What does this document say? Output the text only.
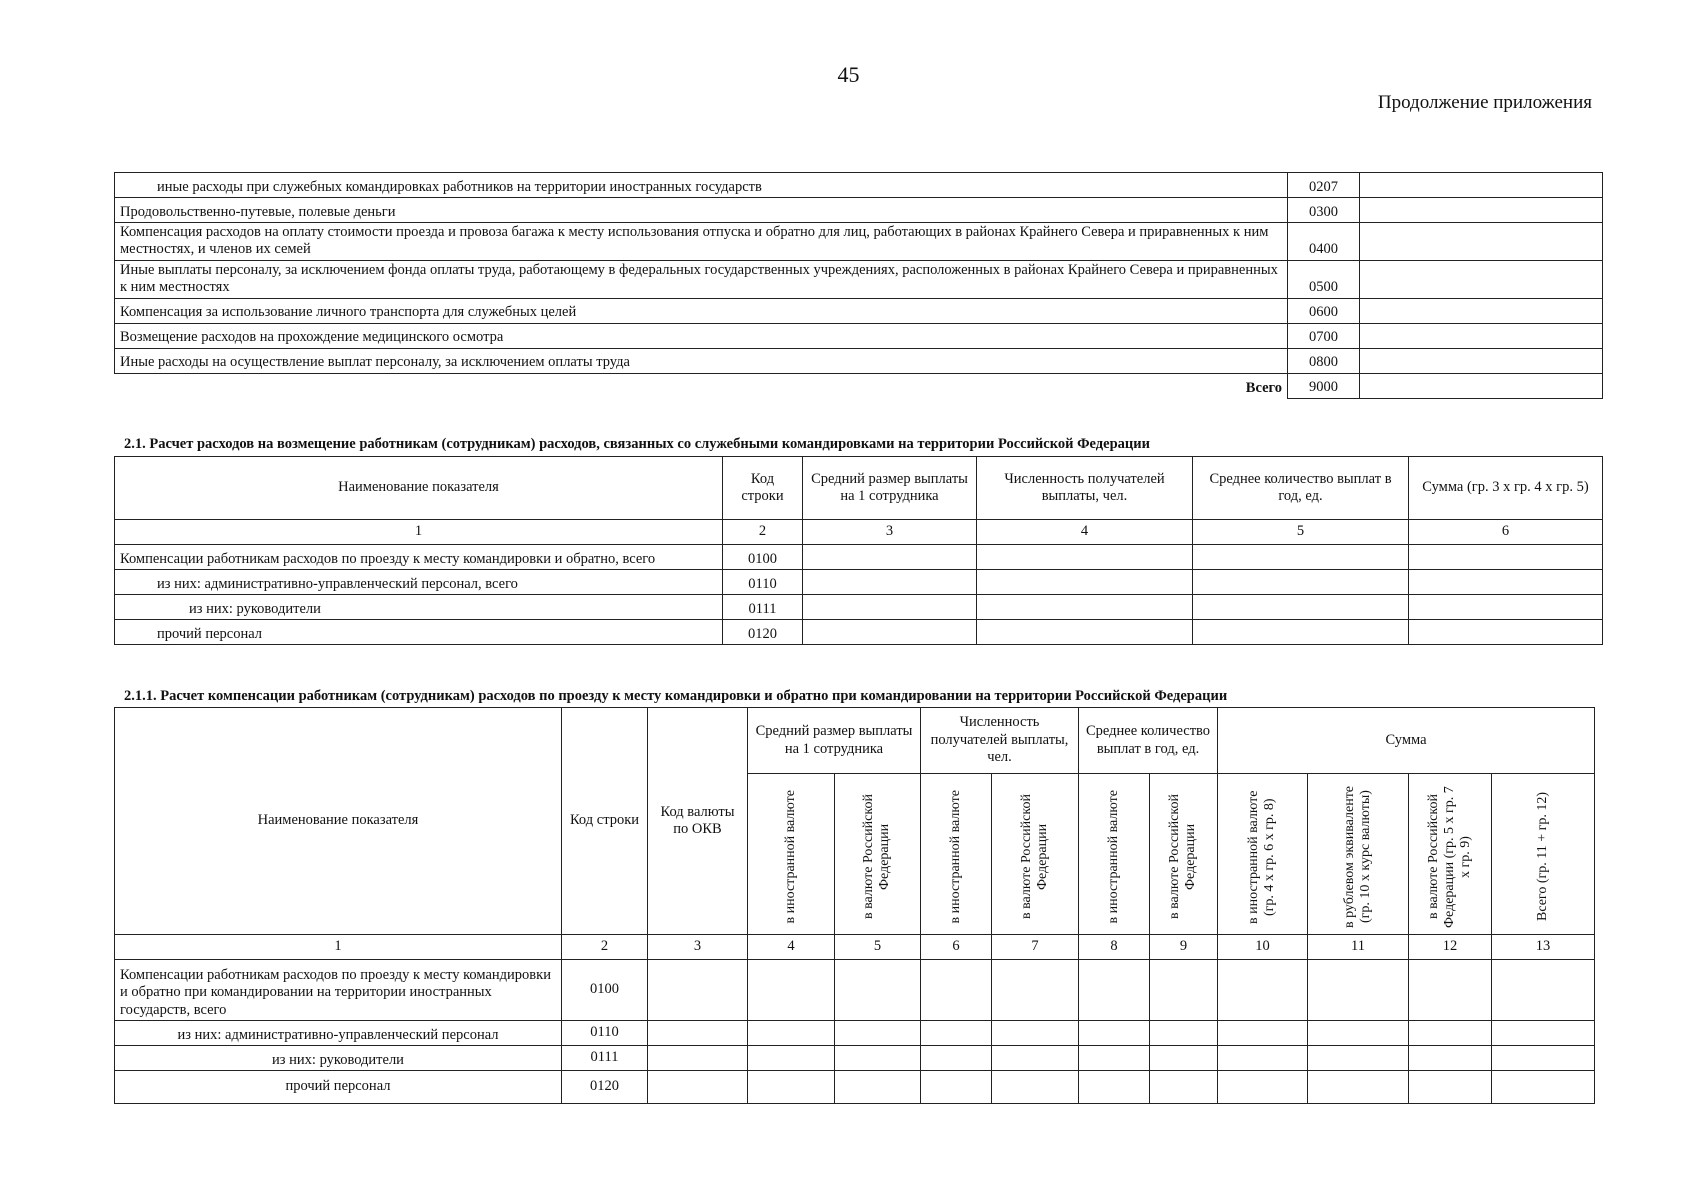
45
Продолжение приложения
иные расходы при служебных командировках работников на территории иностранных государств	0207	
Продовольственно-путевые, полевые деньги	0300	
Компенсация расходов на оплату стоимости проезда и провоза багажа к месту использования отпуска и обратно для лиц, работающих в районах Крайнего Севера и приравненных к ним местностях, и членов их семей	0400	
Иные выплаты персоналу, за исключением фонда оплаты труда, работающему в федеральных государственных учреждениях, расположенных в районах Крайнего Севера и приравненных к ним местностях	0500	
Компенсация за использование личного транспорта для служебных целей	0600	
Возмещение расходов на прохождение медицинского осмотра	0700	
Иные расходы на осуществление выплат персоналу, за исключением оплаты труда	0800	
Всего	9000	
2.1. Расчет расходов на возмещение работникам (сотрудникам) расходов, связанных со служебными командировками на территории Российской Федерации
Наименование показателя	Код строки	Средний размер выплаты на 1 сотрудника	Численность получателей выплаты, чел.	Среднее количество выплат в год, ед.	Сумма (гр. 3 х гр. 4 х гр. 5)
1	2	3	4	5	6
Компенсации работникам расходов по проезду к месту командировки и обратно, всего	0100				
из них: административно-управленческий персонал, всего	0110				
из них: руководители	0111				
прочий персонал	0120				
2.1.1. Расчет компенсации работникам (сотрудникам) расходов по проезду к месту командировки и обратно при командировании на территории Российской Федерации
Наименование показателя	Код строки	Код валюты по ОКВ	Средний размер выплаты на 1 сотрудника		Численность получателей выплаты, чел.		Среднее количество выплат в год, ед.		Сумма			

			в иностранной валюте	в валюте Российской Федерации	в иностранной валюте	в валюте Российской Федерации	в иностранной валюте	в валюте Российской Федерации	в иностранной валюте (гр. 4 х гр. 6 х гр. 8)	в рублевом эквиваленте (гр. 10 х курс валюты)	в валюте Российской Федерации (гр. 5 х гр. 7 х гр. 9)	Всего (гр. 11 + гр. 12)

1	2	3	4	5	6	7	8	9	10	11	12	13
Компенсации работникам расходов по проезду к месту командировки и обратно при командировании на территории иностранных государств, всего	0100											
из них: административно-управленческий персонал	0110											
из них: руководители	0111											
прочий персонал	0120											
